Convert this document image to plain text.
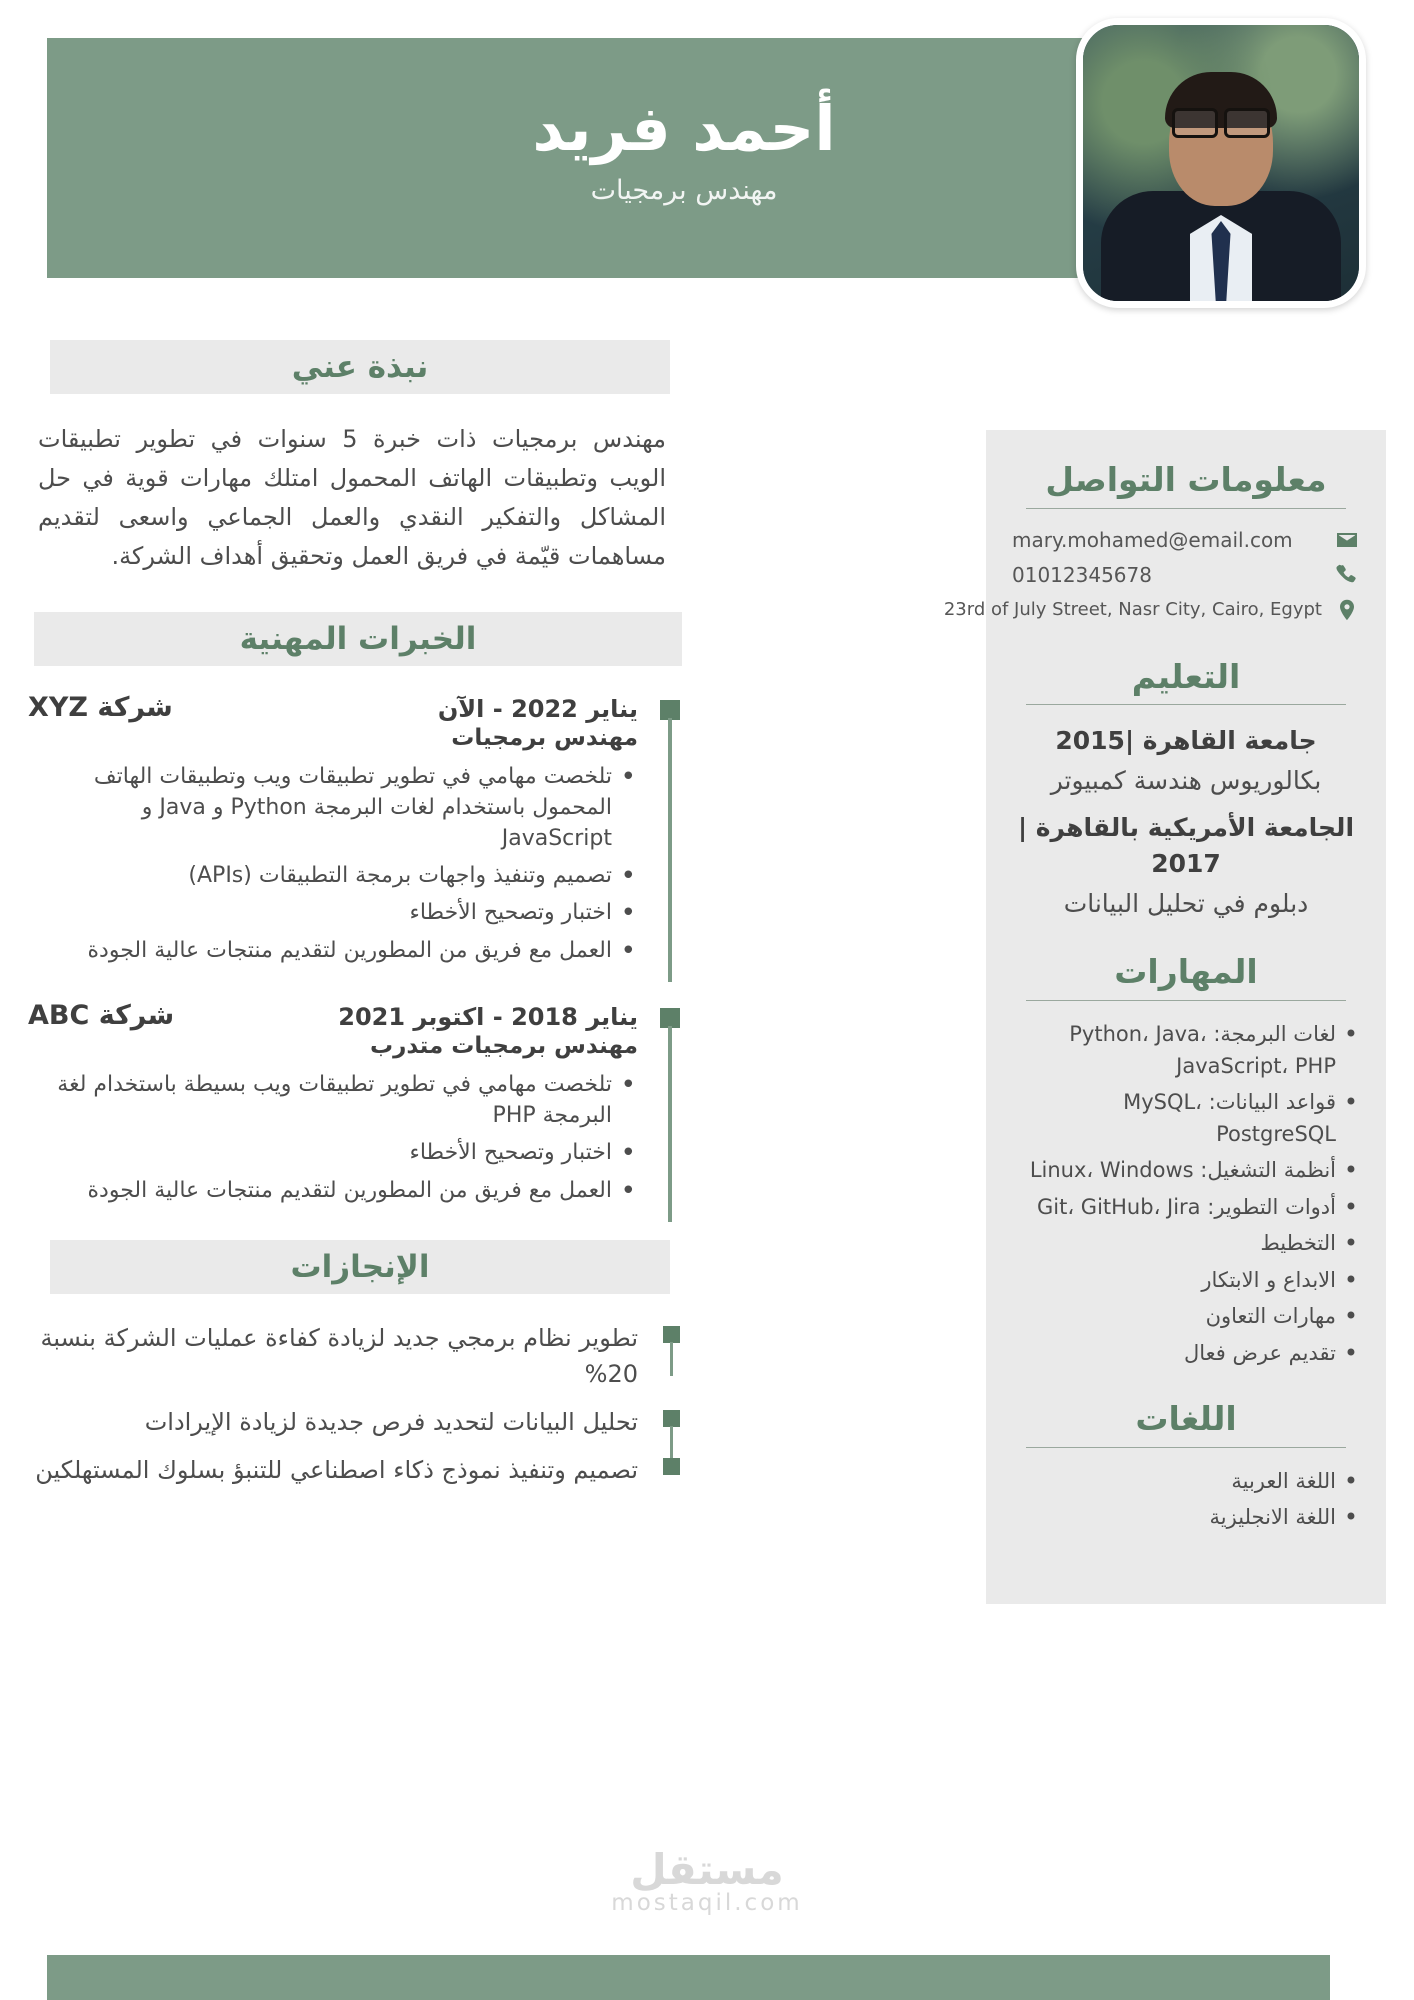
أحمد فريد
مهندس برمجيات
نبذة عني
مهندس برمجيات ذات خبرة 5 سنوات في تطوير تطبيقات الويب وتطبيقات الهاتف المحمول امتلك مهارات قوية في حل المشاكل والتفكير النقدي والعمل الجماعي واسعى لتقديم مساهمات قيّمة في فريق العمل وتحقيق أهداف الشركة.
الخبرات المهنية
يناير 2022 - الآن
شركة XYZ
مهندس برمجيات
• تلخصت مهامي في تطوير تطبيقات ويب وتطبيقات الهاتف المحمول باستخدام لغات البرمجة Python و Java و JavaScript
• تصميم وتنفيذ واجهات برمجة التطبيقات (APIs)
• اختبار وتصحيح الأخطاء
• العمل مع فريق من المطورين لتقديم منتجات عالية الجودة
يناير 2018 - اكتوبر 2021
شركة ABC
مهندس برمجيات متدرب
• تلخصت مهامي في تطوير تطبيقات ويب بسيطة باستخدام لغة البرمجة PHP
• اختبار وتصحيح الأخطاء
• العمل مع فريق من المطورين لتقديم منتجات عالية الجودة
الإنجازات
تطوير نظام برمجي جديد لزيادة كفاءة عمليات الشركة بنسبة 20%
تحليل البيانات لتحديد فرص جديدة لزيادة الإيرادات
تصميم وتنفيذ نموذج ذكاء اصطناعي للتنبؤ بسلوك المستهلكين
معلومات التواصل
mary.mohamed@email.com
01012345678
23rd of July Street, Nasr City, Cairo, Egypt
التعليم
جامعة القاهرة |2015
بكالوريوس هندسة كمبيوتر
الجامعة الأمريكية بالقاهرة | 2017
دبلوم في تحليل البيانات
المهارات
• لغات البرمجة: Python، Java، JavaScript، PHP
• قواعد البيانات: MySQL، PostgreSQL
• أنظمة التشغيل: Linux، Windows
• أدوات التطوير: Git، GitHub، Jira
• التخطيط
• الابداع و الابتكار
• مهارات التعاون
• تقديم عرض فعال
اللغات
• اللغة العربية
• اللغة الانجليزية
مستقل
mostaqil.com
